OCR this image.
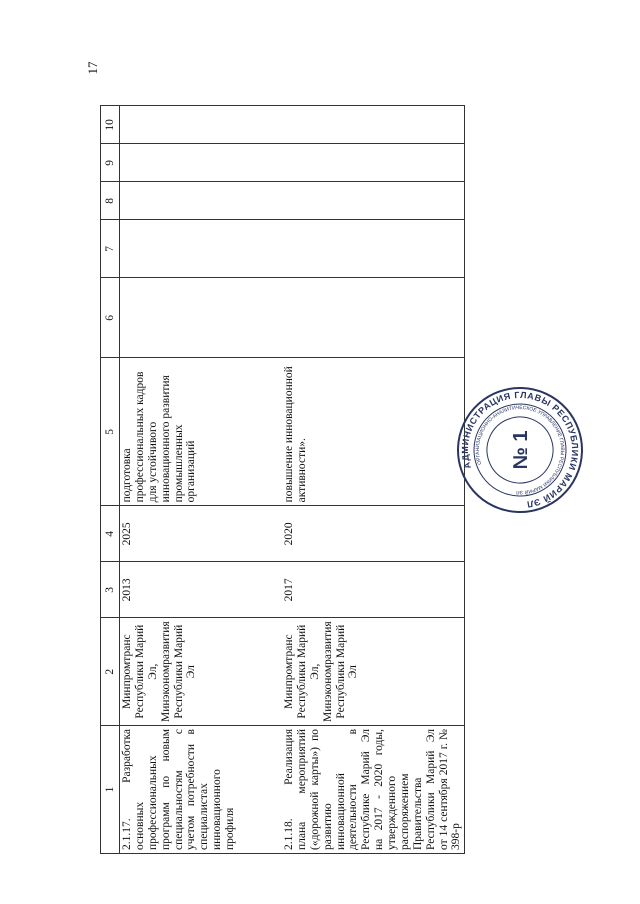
17
1	2	3	4	5	6	7	8	9	10
2.1.17. Разработка основных профессиональных программ по новым специальностям с учетом потребности в специалистах инновационного профиля	Минпромтранс Республики Марий Эл, Минэкономразвития Республики Марий Эл	2013	2025	подготовка профессиональных кадров для устойчивого инновационного развития промышленных организаций					
2.1.18. Реализация плана мероприятий («дорожной карты») по развитию инновационной деятельности в Республике Марий Эл на 2017 - 2020 годы, утвержденного распоряжением Правительства Республики Марий Эл от 14 сентября 2017 г. № 398-р	Минпромтранс Республики Марий Эл, Минэкономразвития Республики Марий Эл	2017	2020	повышение инновационной активности».						АДМИНИСТРАЦИЯ ГЛАВЫ РЕСПУБЛИКИ МАРИЙ ЭЛ
ОРГАНИЗАЦИОННО-АНАЛИТИЧЕСКОЕ УПРАВЛЕНИЕ ГЛАВЫ РЕСПУБЛИКИ МАРИЙ ЭЛ
№ 1
